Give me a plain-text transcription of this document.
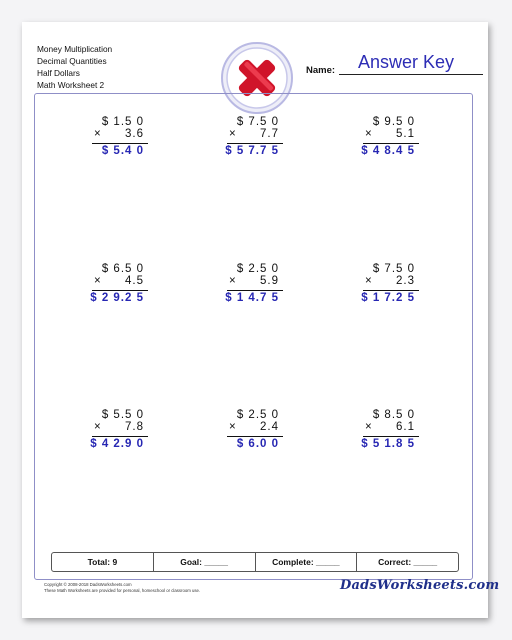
Money Multiplication
Decimal Quantities
Half Dollars
Math Worksheet 2
Name: Answer Key
$ 1.5 0
× 3.6
$ 5.4 0
$ 7.5 0
× 7.7
$ 5 7.7 5
$ 9.5 0
× 5.1
$ 4 8.4 5
$ 6.5 0
× 4.5
$ 2 9.2 5
$ 2.5 0
× 5.9
$ 1 4.7 5
$ 7.5 0
× 2.3
$ 1 7.2 5
$ 5.5 0
× 7.8
$ 4 2.9 0
$ 2.5 0
× 2.4
$ 6.0 0
$ 8.5 0
× 6.1
$ 5 1.8 5
Total: 9	Goal: _____	Complete: _____	Correct: _____
Copyright © 2008-2018 DadsWorksheets.com
These Math Worksheets are provided for personal, homeschool or classroom use.	DadsWorksheets.com
